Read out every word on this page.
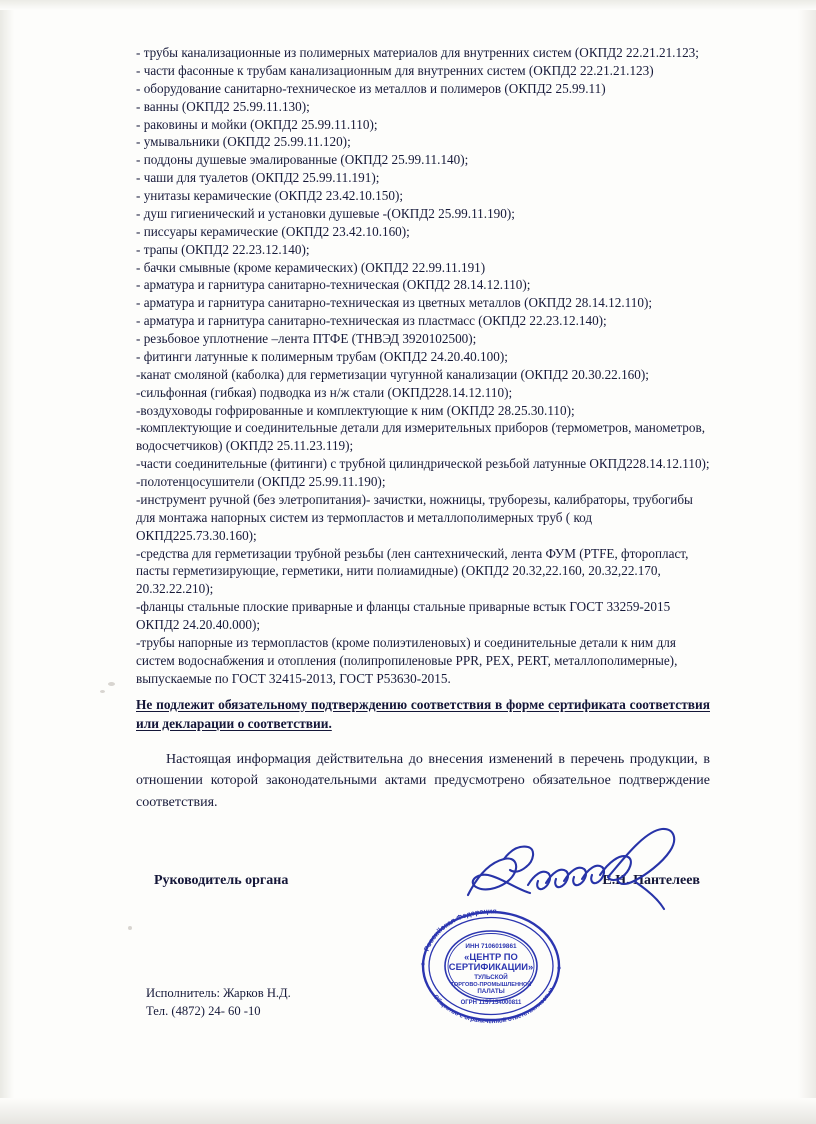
- трубы канализационные из полимерных материалов для внутренних систем (ОКПД2 22.21.21.123;

- части фасонные к трубам канализационным для внутренних систем (ОКПД2 22.21.21.123)

- оборудование санитарно-техническое из металлов и полимеров (ОКПД2 25.99.11)

- ванны (ОКПД2 25.99.11.130);

- раковины и мойки (ОКПД2 25.99.11.110);

- умывальники (ОКПД2 25.99.11.120);

- поддоны душевые эмалированные (ОКПД2 25.99.11.140);

- чаши для туалетов (ОКПД2 25.99.11.191);

- унитазы керамические (ОКПД2 23.42.10.150);

- душ гигиенический и установки душевые -(ОКПД2 25.99.11.190);

- писсуары керамические (ОКПД2 23.42.10.160);

- трапы (ОКПД2 22.23.12.140);

- бачки смывные (кроме керамических) (ОКПД2 22.99.11.191)

- арматура и гарнитура санитарно-техническая (ОКПД2 28.14.12.110);

- арматура и гарнитура санитарно-техническая из цветных металлов (ОКПД2 28.14.12.110);

- арматура и гарнитура санитарно-техническая из пластмасс (ОКПД2 22.23.12.140);

- резьбовое уплотнение –лента ПТФЕ (ТНВЭД 3920102500);

- фитинги латунные к полимерным трубам (ОКПД2 24.20.40.100);

-канат смоляной (каболка) для герметизации чугунной канализации (ОКПД2 20.30.22.160);

-сильфонная (гибкая) подводка из н/ж стали (ОКПД228.14.12.110);

-воздуховоды гофрированные и комплектующие к ним (ОКПД2 28.25.30.110);

-комплектующие и соединительные детали для измерительных приборов (термометров, манометров, водосчетчиков) (ОКПД2 25.11.23.119);

-части соединительные (фитинги) с трубной цилиндрической резьбой латунные ОКПД228.14.12.110);

-полотенцосушители (ОКПД2 25.99.11.190);

-инструмент ручной (без элетропитания)- зачистки, ножницы, труборезы, калибраторы, трубогибы для монтажа напорных систем из термопластов и металлополимерных труб ( код ОКПД225.73.30.160);

-средства для герметизации трубной резьбы (лен сантехнический, лента ФУМ (PTFE, фторопласт, пасты герметизирующие, герметики, нити полиамидные) (ОКПД2 20.32,22.160, 20.32,22.170, 20.32.22.210);

-фланцы стальные плоские приварные и фланцы стальные приварные встык ГОСТ 33259-2015 ОКПД2 24.20.40.000);

-трубы напорные из термопластов (кроме полиэтиленовых) и соединительные детали к ним для систем водоснабжения и отопления (полипропиленовые PPR, PEX, PERT, металлополимерные), выпускаемые по ГОСТ 32415-2013, ГОСТ Р53630-2015.

Не подлежит обязательному подтверждению соответствия в форме сертификата соответствия или декларации о соответствии.

Настоящая информация действительна до внесения изменений в перечень продукции, в отношении которой законодательными актами предусмотрено обязательное подтверждение соответствия.

Руководитель органа	Е.Н. Пантелеев
Российская Федерация
Общество с ограниченной ответственностью
ИНН 7106019861
«ЦЕНТР ПО
СЕРТИФИКАЦИИ»
ТУЛЬСКОЙ
ТОРГОВО-ПРОМЫШЛЕННОЙ
ПАЛАТЫ
ОГРН 1157154000811
Исполнитель: Жарков Н.Д.
Тел. (4872) 24- 60 -10
